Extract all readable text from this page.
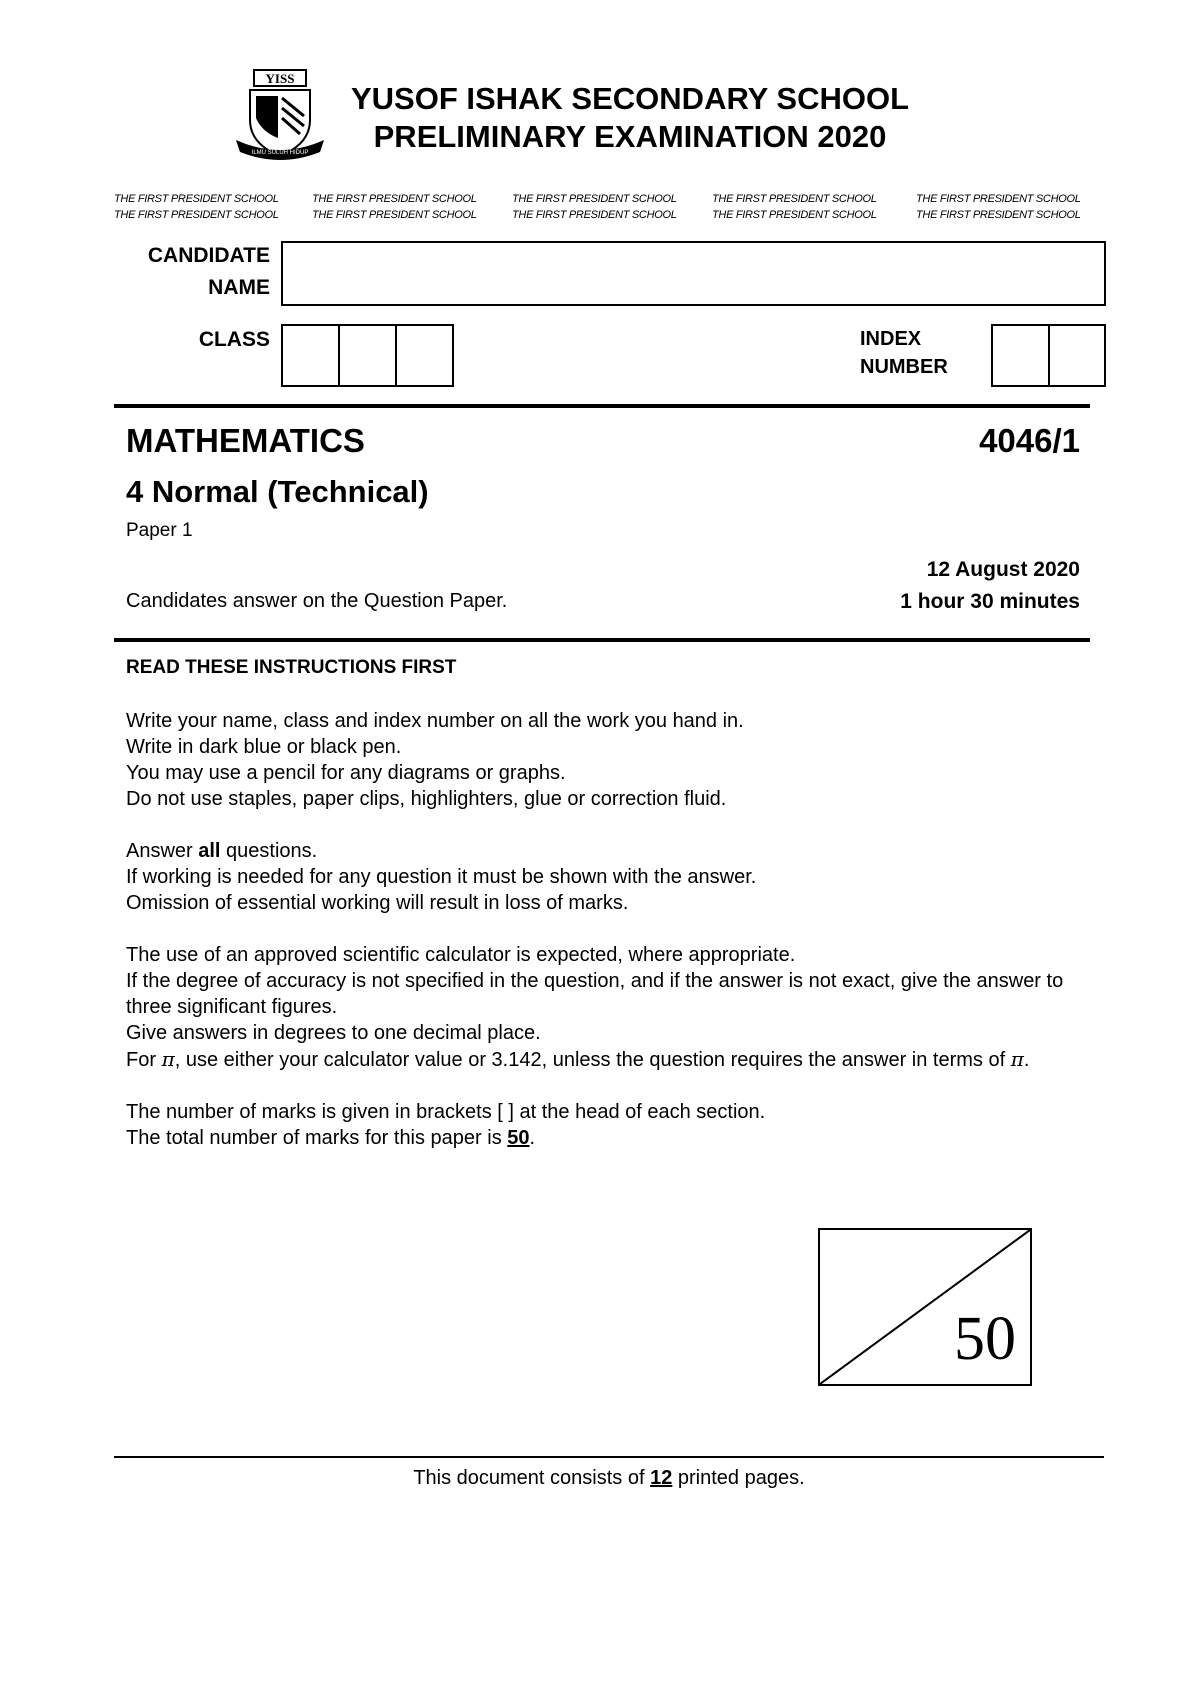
YISS
ILMU SULUH HIDUP
YUSOF ISHAK SECONDARY SCHOOL
PRELIMINARY EXAMINATION 2020
THE FIRST PRESIDENT SCHOOL
THE FIRST PRESIDENT SCHOOL
THE FIRST PRESIDENT SCHOOL
THE FIRST PRESIDENT SCHOOL
THE FIRST PRESIDENT SCHOOL
THE FIRST PRESIDENT SCHOOL
THE FIRST PRESIDENT SCHOOL
THE FIRST PRESIDENT SCHOOL
THE FIRST PRESIDENT SCHOOL
THE FIRST PRESIDENT SCHOOL
CANDIDATE
NAME
CLASS	INDEX
NUMBER
MATHEMATICS	4046/1
4 Normal (Technical)
Paper 1
12 August 2020
1 hour 30 minutes
Candidates answer on the Question Paper.
READ THESE INSTRUCTIONS FIRST

Write your name, class and index number on all the work you hand in.

Write in dark blue or black pen.

You may use a pencil for any diagrams or graphs.

Do not use staples, paper clips, highlighters, glue or correction fluid.

Answer all questions.

If working is needed for any question it must be shown with the answer.

Omission of essential working will result in loss of marks.

The use of an approved scientific calculator is expected, where appropriate.

If the degree of accuracy is not specified in the question, and if the answer is not exact, give the answer to three significant figures.

Give answers in degrees to one decimal place.

For π, use either your calculator value or 3.142, unless the question requires the answer in terms of π.

The number of marks is given in brackets [ ] at the head of each section.

The total number of marks for this paper is 50.

50
This document consists of 12 printed pages.
